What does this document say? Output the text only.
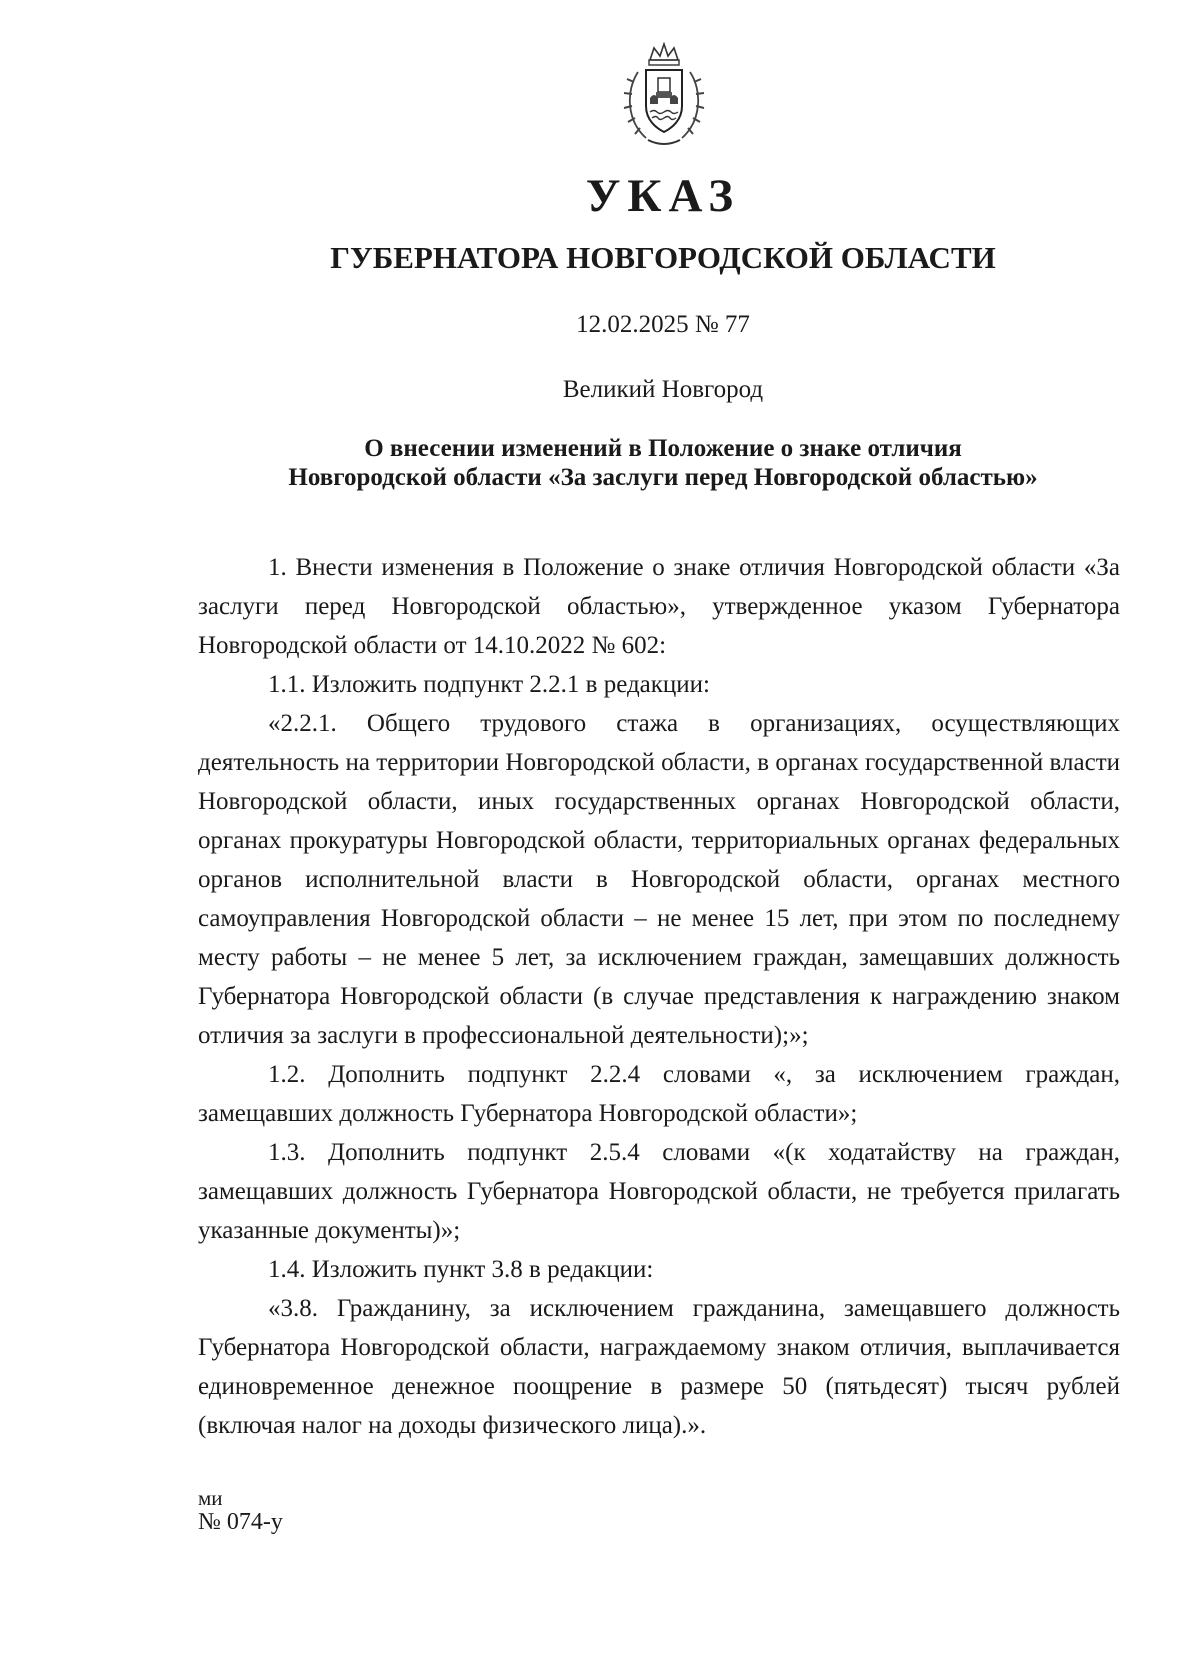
УКАЗ
ГУБЕРНАТОРА НОВГОРОДСКОЙ ОБЛАСТИ
12.02.2025 № 77
Великий Новгород
О внесении изменений в Положение о знаке отличия
Новгородской области «За заслуги перед Новгородской областью»

1. Внести изменения в Положение о знаке отличия Новгородской области «За заслуги перед Новгородской областью», утвержденное указом Губернатора Новгородской области от 14.10.2022 № 602:

1.1. Изложить подпункт 2.2.1 в редакции:

«2.2.1. Общего трудового стажа в организациях, осуществляющих деятельность на территории Новгородской области, в органах государственной власти Новгородской области, иных государственных органах Новгородской области, органах прокуратуры Новгородской области, территориальных органах федеральных органов исполнительной власти в Новгородской области, органах местного самоуправления Новгородской области – не менее 15 лет, при этом по последнему месту работы – не менее 5 лет, за исключением граждан, замещавших должность Губернатора Новгородской области (в случае представления к награждению знаком отличия за заслуги в профессиональной деятельности);»;

1.2. Дополнить подпункт 2.2.4 словами «, за исключением граждан, замещавших должность Губернатора Новгородской области»;

1.3. Дополнить подпункт 2.5.4 словами «(к ходатайству на граждан, замещавших должность Губернатора Новгородской области, не требуется прилагать указанные документы)»;

1.4. Изложить пункт 3.8 в редакции:

«3.8. Гражданину, за исключением гражданина, замещавшего должность Губернатора Новгородской области, награждаемому знаком отличия, выплачивается единовременное денежное поощрение в размере 50 (пятьдесят) тысяч рублей (включая налог на доходы физического лица).».

ми
№ 074-у
